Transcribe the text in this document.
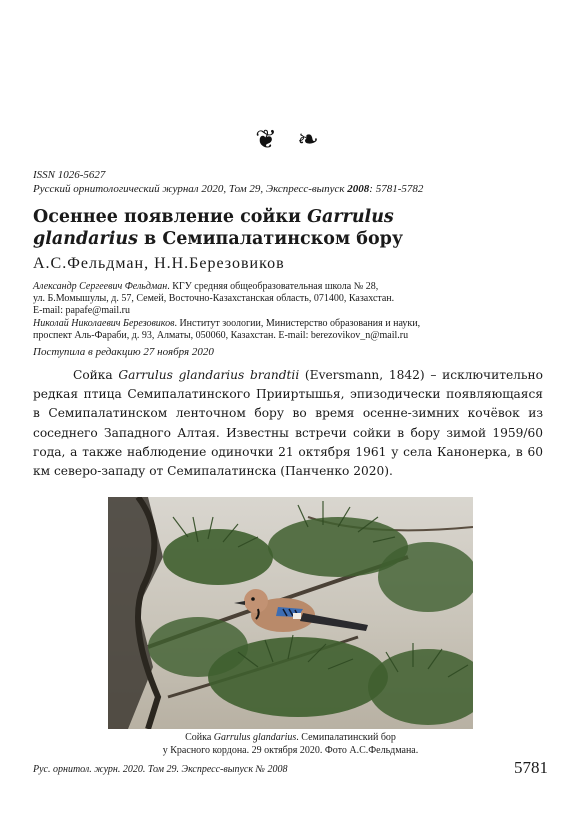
❦ ❧
ISSN 1026-5627
Русский орнитологический журнал 2020, Том 29, Экспресс-выпуск 2008: 5781-5782
Осеннее появление сойки Garrulus
glandarius в Семипалатинском бору
А.С.Фельдман, Н.Н.Березовиков
Александр Сергеевич Фельдман. КГУ средняя общеобразовательная школа № 28,
ул. Б.Момышулы, д. 57, Семей, Восточно-Казахстанская область, 071400, Казахстан.
E-mail: papafe@mail.ru
Николай Николаевич Березовиков. Институт зоологии, Министерство образования и науки,
проспект Аль-Фараби, д. 93, Алматы, 050060, Казахстан. E-mail: berezovikov_n@mail.ru
Поступила в редакцию 27 ноября 2020

Сойка Garrulus glandarius brandtii (Eversmann, 1842) – исключительно редкая птица Семипалатинского Прииртышья, эпизодически появляющаяся в Семипалатинском ленточном бору во время осенне-зимних кочёвок из соседнего Западного Алтая. Известны встречи сойки в бору зимой 1959/60 года, а также наблюдение одиночки 21 октября 1961 у села Канонерка, в 60 км северо-западу от Семипалатинска (Панченко 2020).

Сойка Garrulus glandarius. Семипалатинский бор
у Красного кордона. 29 октября 2020. Фото А.С.Фельдмана.
Рус. орнитол. журн. 2020. Том 29. Экспресс-выпуск № 2008	5781
